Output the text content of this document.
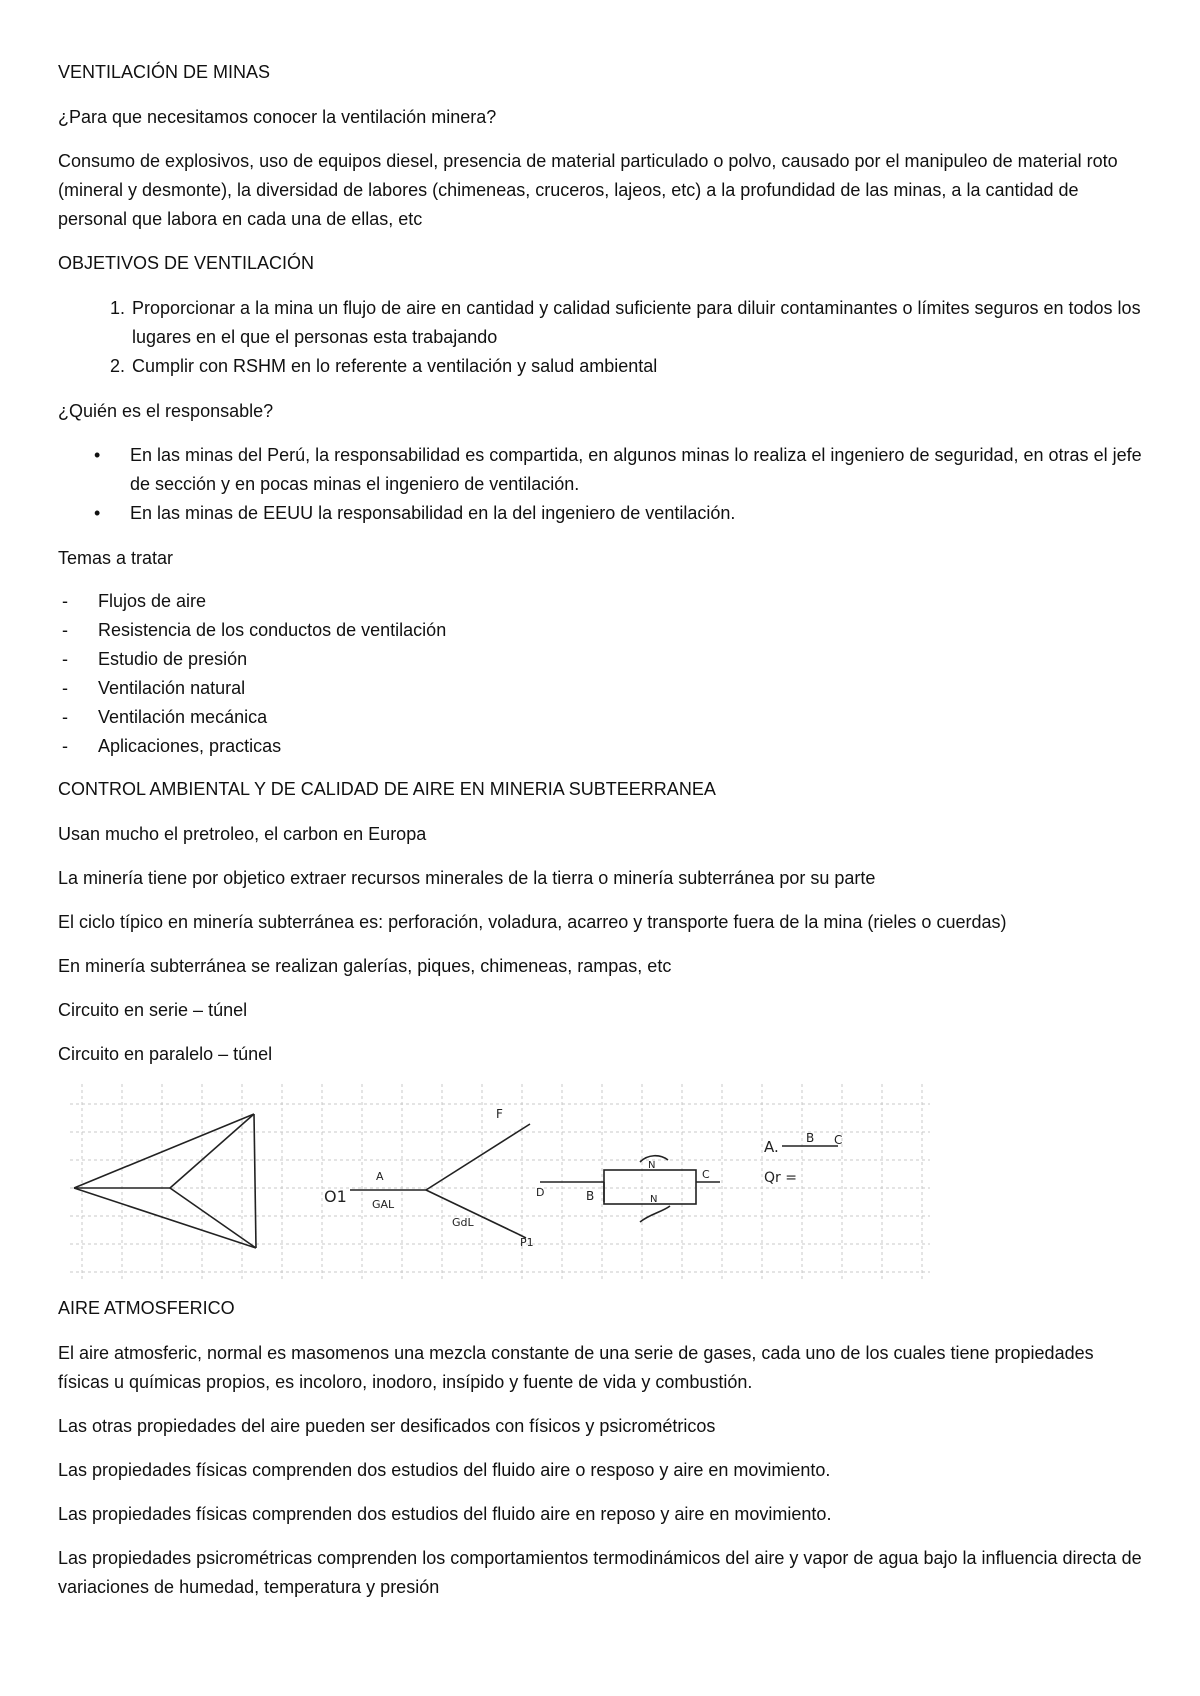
VENTILACIÓN DE MINAS

¿Para que necesitamos conocer la ventilación minera?

Consumo de explosivos, uso de equipos diesel, presencia de material particulado o polvo, causado por el manipuleo de material roto (mineral y desmonte), la diversidad de labores (chimeneas, cruceros, lajeos, etc) a la profundidad de las minas, a la cantidad de personal que labora en cada una de ellas, etc

OBJETIVOS DE VENTILACIÓN

1. Proporcionar a la mina un flujo de aire en cantidad y calidad suficiente para diluir contaminantes o límites seguros en todos los lugares en el que el personas esta trabajando
2. Cumplir con RSHM en lo referente a ventilación y salud ambiental

¿Quién es el responsable?

• En las minas del Perú, la responsabilidad es compartida, en algunos minas lo realiza el ingeniero de seguridad, en otras el jefe de sección y en pocas minas el ingeniero de ventilación.
• En las minas de EEUU la responsabilidad en la del ingeniero de ventilación.

Temas a tratar

- Flujos de aire
- Resistencia de los conductos de ventilación
- Estudio de presión
- Ventilación natural
- Ventilación mecánica
- Aplicaciones, practicas

CONTROL AMBIENTAL Y DE CALIDAD DE AIRE EN MINERIA SUBTEERRANEA

Usan mucho el pretroleo, el carbon en Europa

La minería tiene por objetico extraer recursos minerales de la tierra o minería subterránea por su parte

El ciclo típico en minería subterránea es: perforación, voladura, acarreo y transporte fuera de la mina (rieles o cuerdas)

En minería subterránea se realizan galerías, piques, chimeneas, rampas, etc

Circuito en serie – túnel

Circuito en paralelo – túnel

O1
A
GAL
F
GdL
P1
D	B
C
N
N
A. B C
Qr =

AIRE ATMOSFERICO

El aire atmosferic, normal es masomenos una mezcla constante de una serie de gases, cada uno de los cuales tiene propiedades físicas u químicas propios, es incoloro, inodoro, insípido y fuente de vida y combustión.

Las otras propiedades del aire pueden ser desificados con físicos y psicrométricos

Las propiedades físicas comprenden dos estudios del fluido aire o resposo y aire en movimiento.

Las propiedades físicas comprenden dos estudios del fluido aire en reposo y aire en movimiento.

Las propiedades psicrométricas comprenden los comportamientos termodinámicos del aire y vapor de agua bajo la influencia directa de variaciones de humedad, temperatura y presión
